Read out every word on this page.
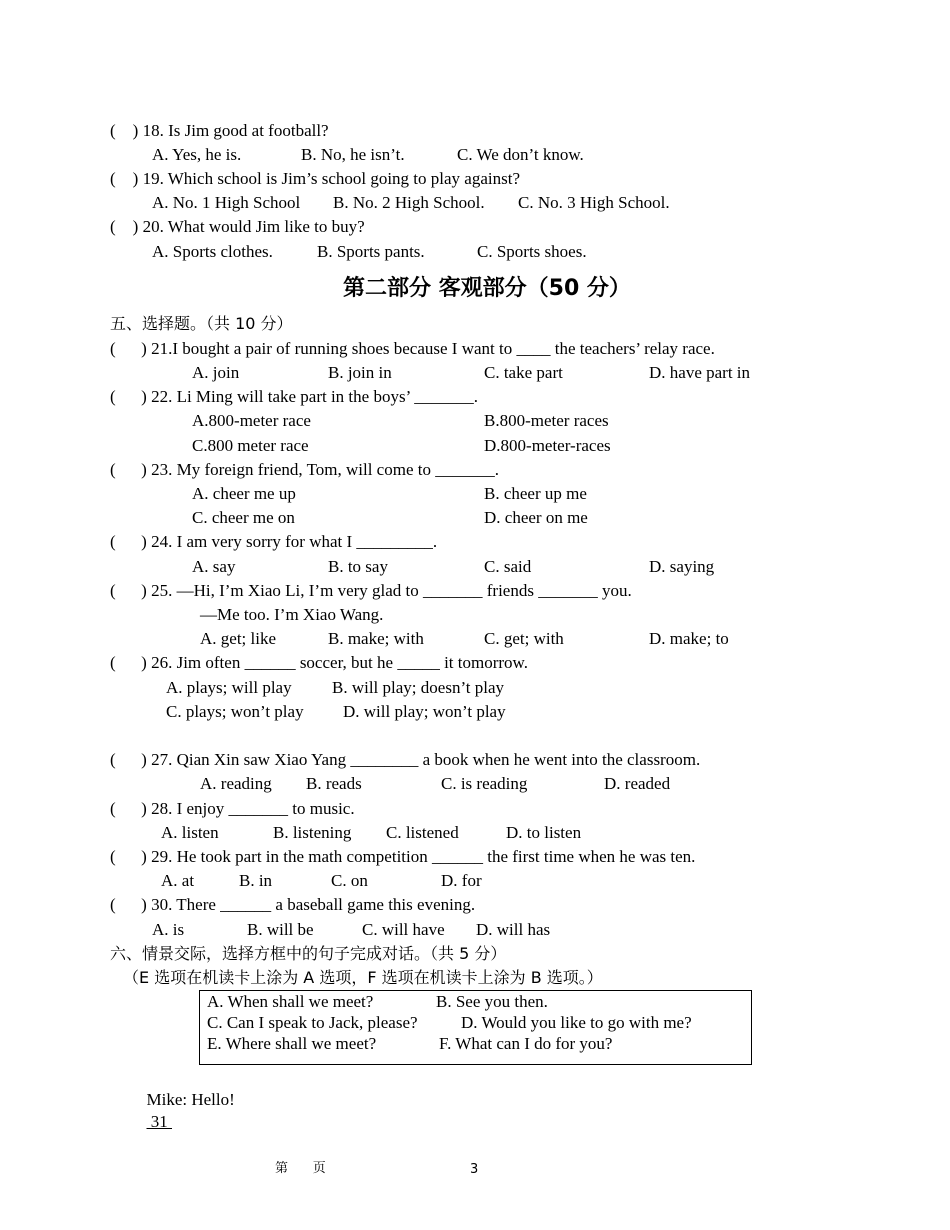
(    ) 18. Is Jim good at football?
A. Yes, he is.	B. No, he isn’t.	C. We don’t know.
(    ) 19. Which school is Jim’s school going to play against?
A. No. 1 High School B. No. 2 High School. C. No. 3 High School.
(    ) 20. What would Jim like to buy?
A. Sports clothes.	B. Sports pants.	C. Sports shoes.
第二部分 客观部分（50 分）
五、选择题。（共 10 分）
(      ) 21.I bought a pair of running shoes because I want to ____ the teachers’ relay race.
A. join	B. join in	C. take part	D. have part in
(      ) 22. Li Ming will take part in the boys’ _______.
A.800-meter race	B.800-meter races
C.800 meter race	D.800-meter-races
(      ) 23. My foreign friend, Tom, will come to _______.
A. cheer me up	B. cheer up me
C. cheer me on	D. cheer on me
(      ) 24. I am very sorry for what I _________.
A. say	B. to say	C. said	D. saying
(      ) 25. —Hi, I’m Xiao Li, I’m very glad to _______ friends _______ you.
—Me too. I’m Xiao Wang.
A. get; like	B. make; with	C. get; with	D. make; to
(      ) 26. Jim often ______ soccer, but he _____ it tomorrow.
A. plays; will play B. will play; doesn’t play
C. plays; won’t play D. will play; won’t play
(      ) 27. Qian Xin saw Xiao Yang ________ a book when he went into the classroom.
A. reading B. reads	C. is reading	D. readed
(      ) 28. I enjoy _______ to music.
A. listen	B. listening C. listened	D. to listen
(      ) 29. He took part in the math competition ______ the first time when he was ten.
A. at	B. in	C. on	D. for
(      ) 30. There ______ a baseball game this evening.
A. is	B. will be	C. will have D. will has
六、情景交际，选择方框中的句子完成对话。（共 5 分）
（E 选项在机读卡上涂为 A 选项，F 选项在机读卡上涂为 B 选项。）
A. When shall we meet?	B. See you then.
C. Can I speak to Jack, please?	D. Would you like to go with me?
E. Where shall we meet?	F. What can I do for you?

Mike: Hello!
31

第      页	3
